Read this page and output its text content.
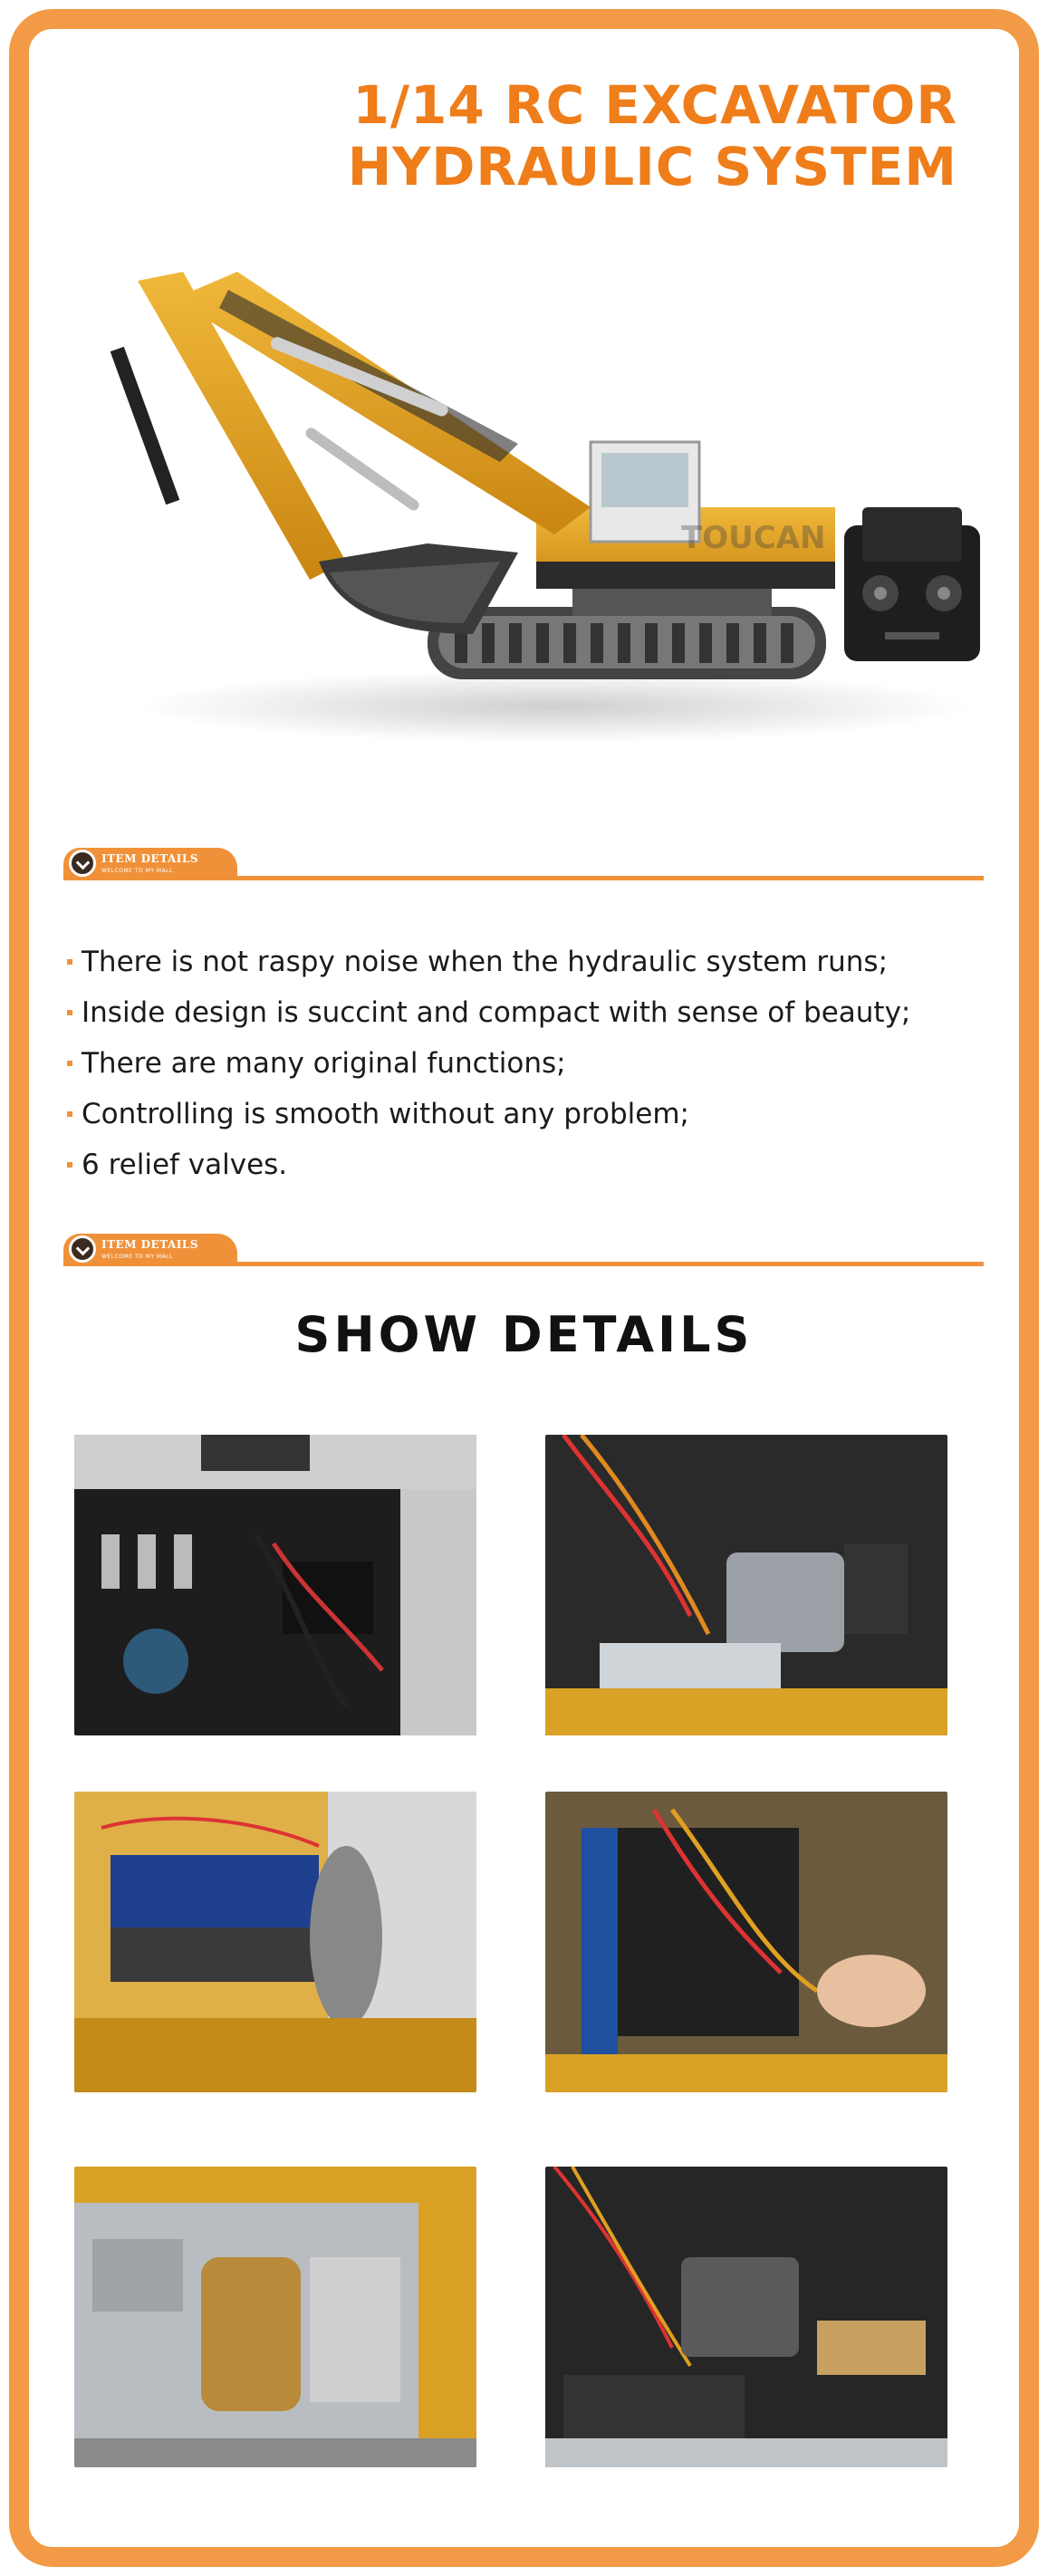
1/14 RC EXCAVATOR
HYDRAULIC SYSTEM
TOUCAN
ITEM DETAILS
WELCOME TO MY MALL
There is not raspy noise when the hydraulic system runs;
Inside design is succint and compact with sense of beauty;
There are many original functions;
Controlling is smooth without any problem;
6 relief valves.
ITEM DETAILS
WELCOME TO MY MALL
SHOW DETAILS
